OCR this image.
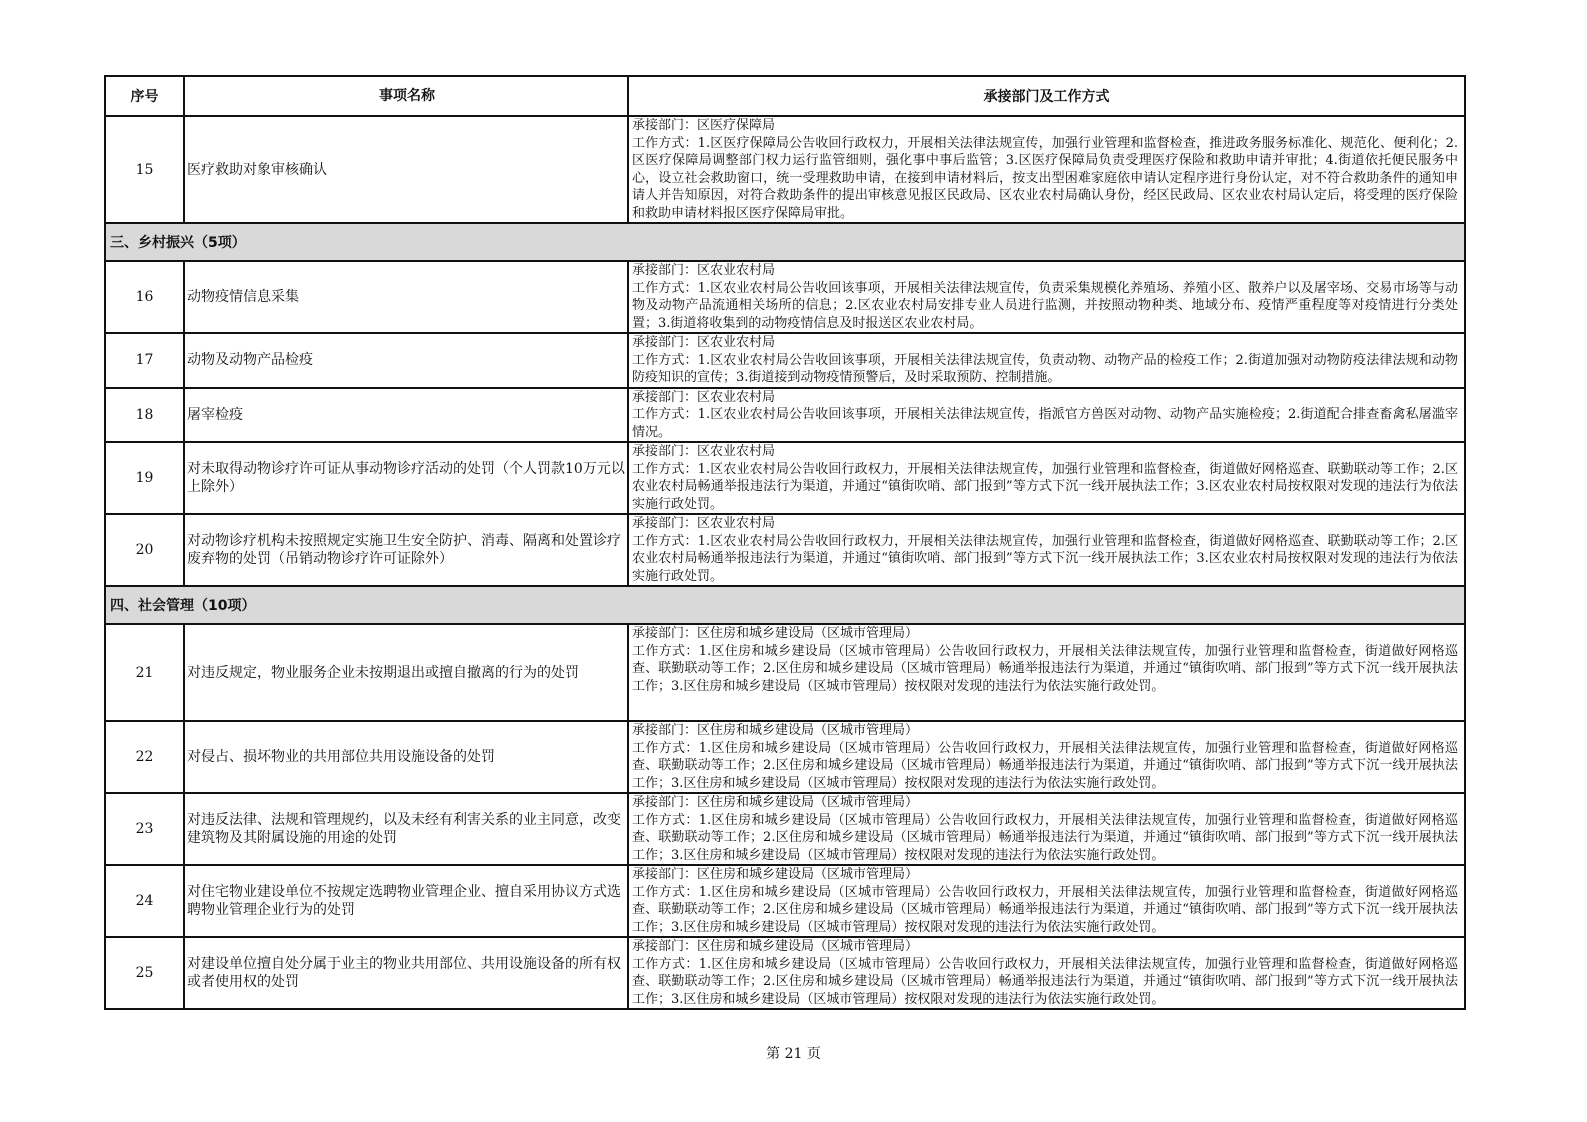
序号	事项名称	承接部门及工作方式
15	医疗救助对象审核确认	承接部门：区医疗保障局
工作方式：1.区医疗保障局公告收回行政权力，开展相关法律法规宣传，加强行业管理和监督检查，推进政务服务标准化、规范化、便利化；2.区医疗保障局调整部门权力运行监管细则，强化事中事后监管；3.区医疗保障局负责受理医疗保险和救助申请并审批；4.街道依托便民服务中心，设立社会救助窗口，统一受理救助申请，在接到申请材料后，按支出型困难家庭依申请认定程序进行身份认定，对不符合救助条件的通知申请人并告知原因，对符合救助条件的提出审核意见报区民政局、区农业农村局确认身份，经区民政局、区农业农村局认定后，将受理的医疗保险和救助申请材料报区医疗保障局审批。

三、乡村振兴（5项）		
16	动物疫情信息采集	承接部门：区农业农村局
工作方式：1.区农业农村局公告收回该事项，开展相关法律法规宣传，负责采集规模化养殖场、养殖小区、散养户以及屠宰场、交易市场等与动物及动物产品流通相关场所的信息；2.区农业农村局安排专业人员进行监测，并按照动物种类、地域分布、疫情严重程度等对疫情进行分类处置；3.街道将收集到的动物疫情信息及时报送区农业农村局。

17	动物及动物产品检疫	承接部门：区农业农村局
工作方式：1.区农业农村局公告收回该事项，开展相关法律法规宣传，负责动物、动物产品的检疫工作；2.街道加强对动物防疫法律法规和动物防疫知识的宣传；3.街道接到动物疫情预警后，及时采取预防、控制措施。

18	屠宰检疫	承接部门：区农业农村局
工作方式：1.区农业农村局公告收回该事项，开展相关法律法规宣传，指派官方兽医对动物、动物产品实施检疫；2.街道配合排查畜禽私屠滥宰情况。

19	对未取得动物诊疗许可证从事动物诊疗活动的处罚（个人罚款10万元以上除外）	承接部门：区农业农村局
工作方式：1.区农业农村局公告收回行政权力，开展相关法律法规宣传，加强行业管理和监督检查，街道做好网格巡查、联勤联动等工作；2.区农业农村局畅通举报违法行为渠道，并通过“镇街吹哨、部门报到”等方式下沉一线开展执法工作；3.区农业农村局按权限对发现的违法行为依法实施行政处罚。

20	对动物诊疗机构未按照规定实施卫生安全防护、消毒、隔离和处置诊疗废弃物的处罚（吊销动物诊疗许可证除外）	承接部门：区农业农村局
工作方式：1.区农业农村局公告收回行政权力，开展相关法律法规宣传，加强行业管理和监督检查，街道做好网格巡查、联勤联动等工作；2.区农业农村局畅通举报违法行为渠道，并通过“镇街吹哨、部门报到”等方式下沉一线开展执法工作；3.区农业农村局按权限对发现的违法行为依法实施行政处罚。

四、社会管理（10项）		
21	对违反规定，物业服务企业未按期退出或擅自撤离的行为的处罚	承接部门：区住房和城乡建设局（区城市管理局）
工作方式：1.区住房和城乡建设局（区城市管理局）公告收回行政权力，开展相关法律法规宣传，加强行业管理和监督检查，街道做好网格巡查、联勤联动等工作；2.区住房和城乡建设局（区城市管理局）畅通举报违法行为渠道，并通过“镇街吹哨、部门报到”等方式下沉一线开展执法工作；3.区住房和城乡建设局（区城市管理局）按权限对发现的违法行为依法实施行政处罚。

22	对侵占、损坏物业的共用部位共用设施设备的处罚	承接部门：区住房和城乡建设局（区城市管理局）
工作方式：1.区住房和城乡建设局（区城市管理局）公告收回行政权力，开展相关法律法规宣传，加强行业管理和监督检查，街道做好网格巡查、联勤联动等工作；2.区住房和城乡建设局（区城市管理局）畅通举报违法行为渠道，并通过“镇街吹哨、部门报到”等方式下沉一线开展执法工作；3.区住房和城乡建设局（区城市管理局）按权限对发现的违法行为依法实施行政处罚。

23	对违反法律、法规和管理规约，以及未经有利害关系的业主同意，改变建筑物及其附属设施的用途的处罚	承接部门：区住房和城乡建设局（区城市管理局）
工作方式：1.区住房和城乡建设局（区城市管理局）公告收回行政权力，开展相关法律法规宣传，加强行业管理和监督检查，街道做好网格巡查、联勤联动等工作；2.区住房和城乡建设局（区城市管理局）畅通举报违法行为渠道，并通过“镇街吹哨、部门报到”等方式下沉一线开展执法工作；3.区住房和城乡建设局（区城市管理局）按权限对发现的违法行为依法实施行政处罚。

24	对住宅物业建设单位不按规定选聘物业管理企业、擅自采用协议方式选聘物业管理企业行为的处罚	承接部门：区住房和城乡建设局（区城市管理局）
工作方式：1.区住房和城乡建设局（区城市管理局）公告收回行政权力，开展相关法律法规宣传，加强行业管理和监督检查，街道做好网格巡查、联勤联动等工作；2.区住房和城乡建设局（区城市管理局）畅通举报违法行为渠道，并通过“镇街吹哨、部门报到”等方式下沉一线开展执法工作；3.区住房和城乡建设局（区城市管理局）按权限对发现的违法行为依法实施行政处罚。

25	对建设单位擅自处分属于业主的物业共用部位、共用设施设备的所有权或者使用权的处罚	承接部门：区住房和城乡建设局（区城市管理局）
工作方式：1.区住房和城乡建设局（区城市管理局）公告收回行政权力，开展相关法律法规宣传，加强行业管理和监督检查，街道做好网格巡查、联勤联动等工作；2.区住房和城乡建设局（区城市管理局）畅通举报违法行为渠道，并通过“镇街吹哨、部门报到”等方式下沉一线开展执法工作；3.区住房和城乡建设局（区城市管理局）按权限对发现的违法行为依法实施行政处罚。
第 21 页
